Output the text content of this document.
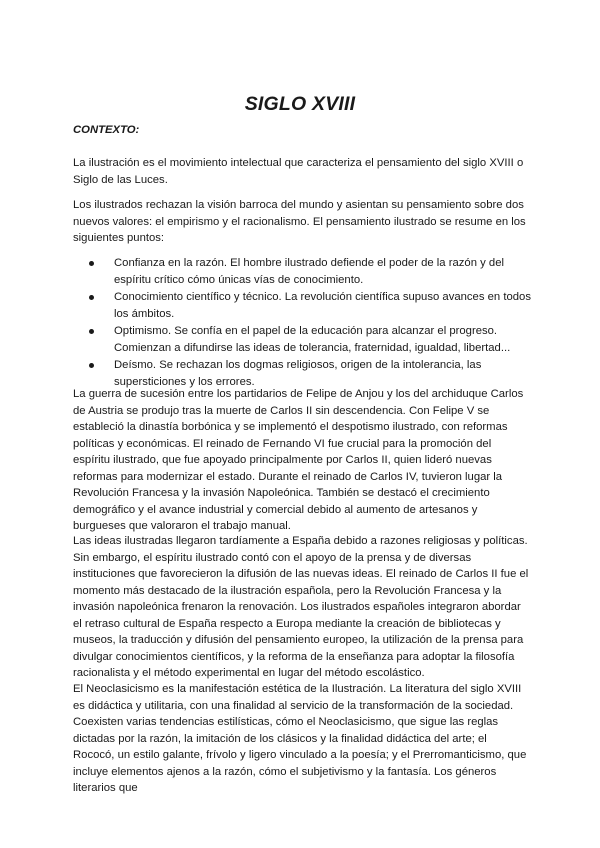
SIGLO XVIII
CONTEXTO:

La ilustración es el movimiento intelectual que caracteriza el pensamiento del siglo XVIII o Siglo de las Luces.

Los ilustrados rechazan la visión barroca del mundo y asientan su pensamiento sobre dos nuevos valores: el empirismo y el racionalismo. El pensamiento ilustrado se resume en los siguientes puntos:

Confianza en la razón. El hombre ilustrado defiende el poder de la razón y del espíritu crítico cómo únicas vías de conocimiento.
Conocimiento científico y técnico. La revolución científica supuso avances en todos los ámbitos.
Optimismo. Se confía en el papel de la educación para alcanzar el progreso. Comienzan a difundirse las ideas de tolerancia, fraternidad, igualdad, libertad...
Deísmo. Se rechazan los dogmas religiosos, origen de la intolerancia, las supersticiones y los errores.

La guerra de sucesión entre los partidarios de Felipe de Anjou y los del archiduque Carlos de Austria se produjo tras la muerte de Carlos II sin descendencia. Con Felipe V se estableció la dinastía borbónica y se implementó el despotismo ilustrado, con reformas políticas y económicas. El reinado de Fernando VI fue crucial para la promoción del espíritu ilustrado, que fue apoyado principalmente por Carlos II, quien lideró nuevas reformas para modernizar el estado. Durante el reinado de Carlos IV, tuvieron lugar la Revolución Francesa y la invasión Napoleónica. También se destacó el crecimiento demográfico y el avance industrial y comercial debido al aumento de artesanos y burgueses que valoraron el trabajo manual.

Las ideas ilustradas llegaron tardíamente a España debido a razones religiosas y políticas. Sin embargo, el espíritu ilustrado contó con el apoyo de la prensa y de diversas instituciones que favorecieron la difusión de las nuevas ideas. El reinado de Carlos II fue el momento más destacado de la ilustración española, pero la Revolución Francesa y la invasión napoleónica frenaron la renovación. Los ilustrados españoles integraron abordar el retraso cultural de España respecto a Europa mediante la creación de bibliotecas y museos, la traducción y difusión del pensamiento europeo, la utilización de la prensa para divulgar conocimientos científicos, y la reforma de la enseñanza para adoptar la filosofía racionalista y el método experimental en lugar del método escolástico.

El Neoclasicismo es la manifestación estética de la Ilustración. La literatura del siglo XVIII es didáctica y utilitaria, con una finalidad al servicio de la transformación de la sociedad. Coexisten varias tendencias estilísticas, cómo el Neoclasicismo, que sigue las reglas dictadas por la razón, la imitación de los clásicos y la finalidad didáctica del arte; el Rococó, un estilo galante, frívolo y ligero vinculado a la poesía; y el Prerromanticismo, que incluye elementos ajenos a la razón, cómo el subjetivismo y la fantasía. Los géneros literarios que
